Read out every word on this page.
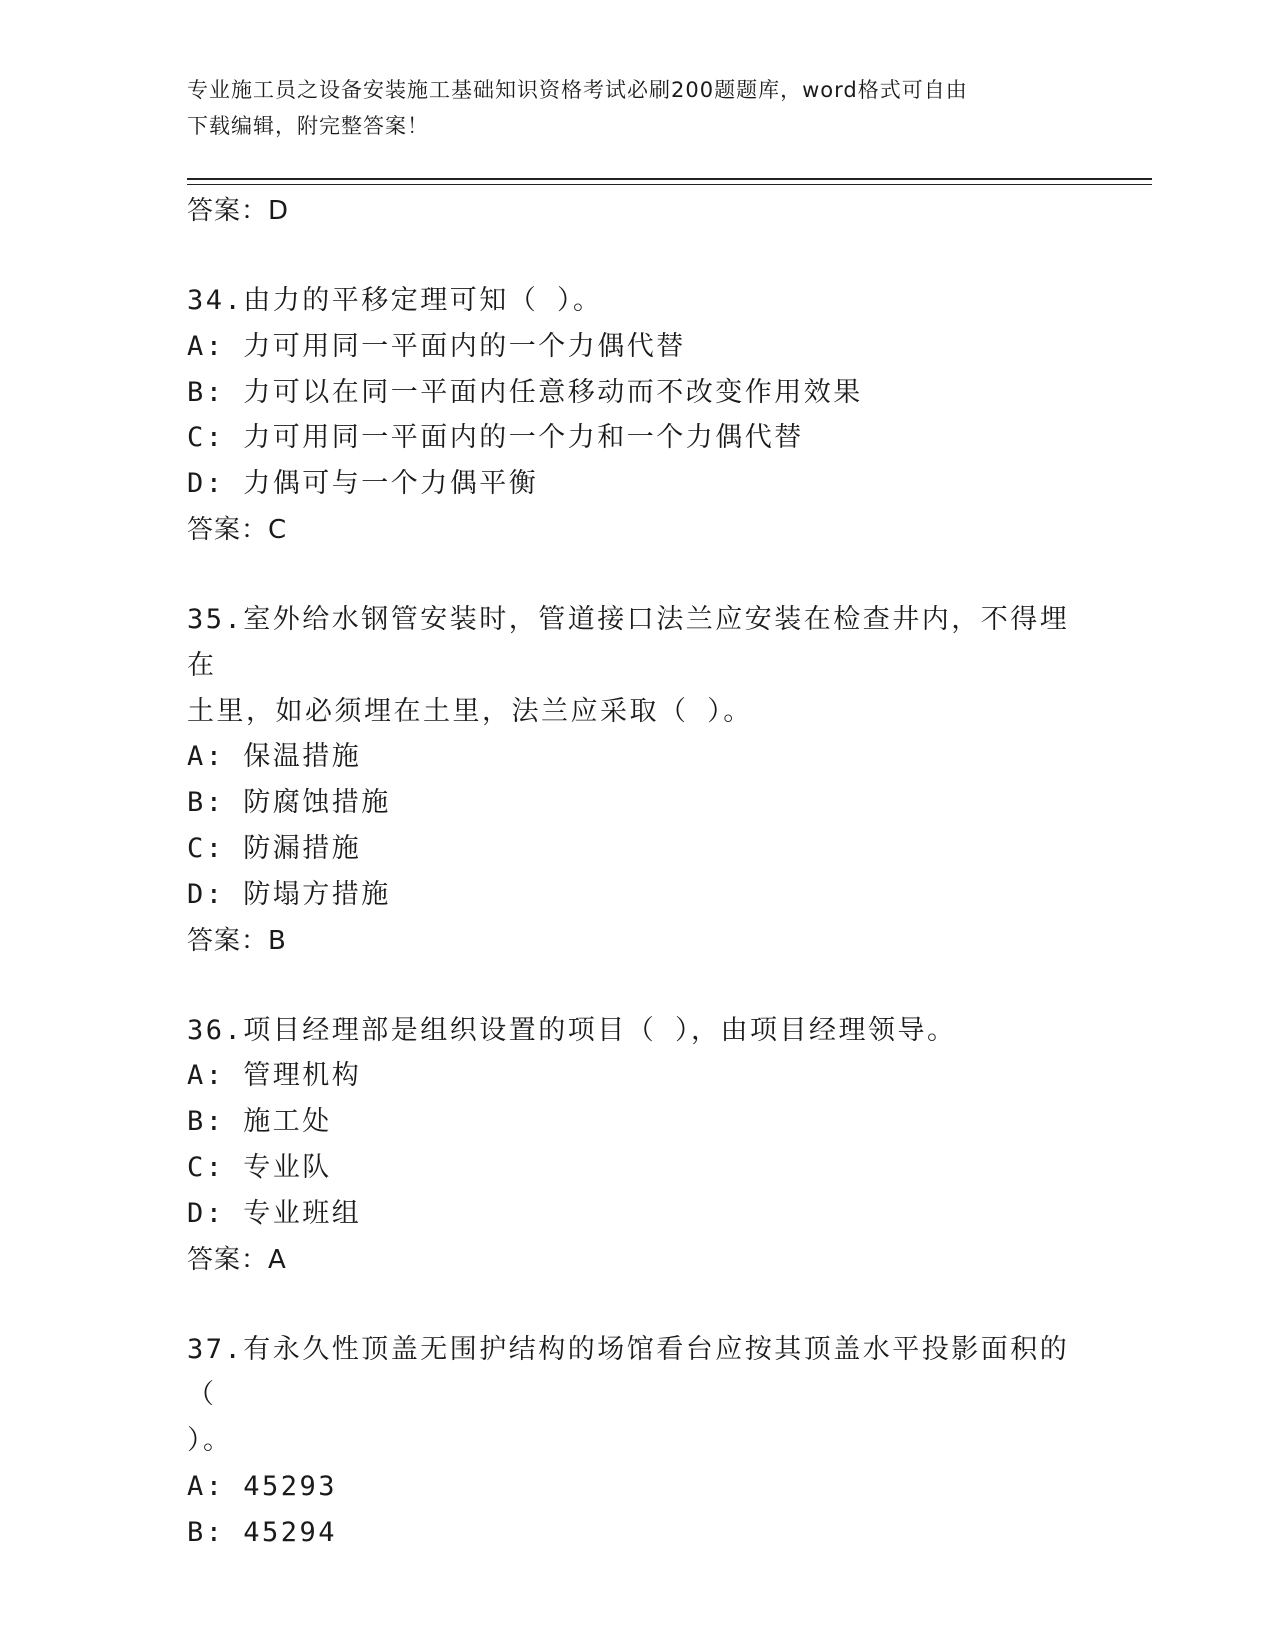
专业施工员之设备安装施工基础知识资格考试必刷200题题库，word格式可自由
下载编辑，附完整答案！
答案：D
34.由力的平移定理可知（ ）。
A: 力可用同一平面内的一个力偶代替
B: 力可以在同一平面内任意移动而不改变作用效果
C: 力可用同一平面内的一个力和一个力偶代替
D: 力偶可与一个力偶平衡
答案：C
35.室外给水钢管安装时，管道接口法兰应安装在检查井内，不得埋在
土里，如必须埋在土里，法兰应采取（ ）。
A: 保温措施
B: 防腐蚀措施
C: 防漏措施
D: 防塌方措施
答案：B
36.项目经理部是组织设置的项目（ ），由项目经理领导。
A: 管理机构
B: 施工处
C: 专业队
D: 专业班组
答案：A
37.有永久性顶盖无围护结构的场馆看台应按其顶盖水平投影面积的（
）。
A: 45293
B: 45294
